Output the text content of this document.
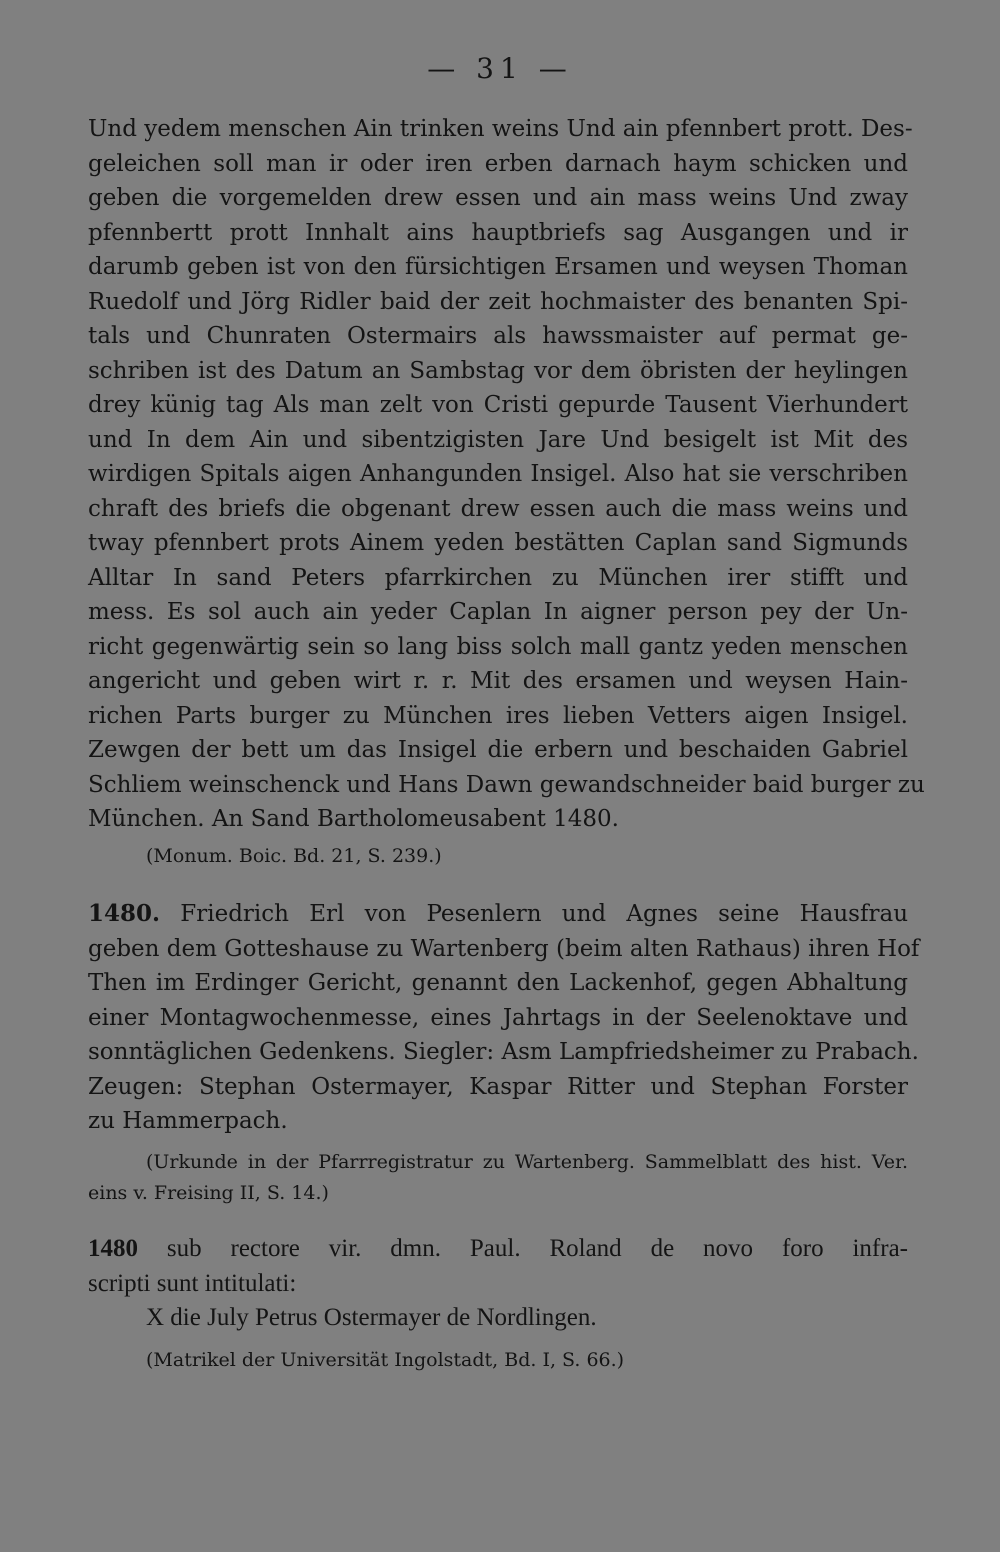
— 31 —
Und yedem menschen Ain trinken weins Und ain pfennbert prott. Des-
geleichen soll man ir oder iren erben darnach haym schicken und
geben die vorgemelden drew essen und ain mass weins Und zway
pfennbertt prott Innhalt ains hauptbriefs sag Ausgangen und ir
darumb geben ist von den fürsichtigen Ersamen und weysen Thoman
Ruedolf und Jörg Ridler baid der zeit hochmaister des benanten Spi-
tals und Chunraten Ostermairs als hawssmaister auf permat ge-
schriben ist des Datum an Sambstag vor dem öbristen der heylingen
drey künig tag Als man zelt von Cristi gepurde Tausent Vierhundert
und In dem Ain und sibentzigisten Jare Und besigelt ist Mit des
wirdigen Spitals aigen Anhangunden Insigel. Also hat sie verschriben
chraft des briefs die obgenant drew essen auch die mass weins und
tway pfennbert prots Ainem yeden bestätten Caplan sand Sigmunds
Alltar In sand Peters pfarrkirchen zu München irer stifft und
mess. Es sol auch ain yeder Caplan In aigner person pey der Un-
richt gegenwärtig sein so lang biss solch mall gantz yeden menschen
angericht und geben wirt r. r. Mit des ersamen und weysen Hain-
richen Parts burger zu München ires lieben Vetters aigen Insigel.
Zewgen der bett um das Insigel die erbern und beschaiden Gabriel
Schliem weinschenck und Hans Dawn gewandschneider baid burger zu
München. An Sand Bartholomeusabent 1480.
(Monum. Boic. Bd. 21, S. 239.)
1480. Friedrich Erl von Pesenlern und Agnes seine Hausfrau
geben dem Gotteshause zu Wartenberg (beim alten Rathaus) ihren Hof
Then im Erdinger Gericht, genannt den Lackenhof, gegen Abhaltung
einer Montagwochenmesse, eines Jahrtags in der Seelenoktave und
sonntäglichen Gedenkens. Siegler: Asm Lampfriedsheimer zu Prabach.
Zeugen: Stephan Ostermayer, Kaspar Ritter und Stephan Forster
zu Hammerpach.
(Urkunde in der Pfarrregistratur zu Wartenberg. Sammelblatt des hist. Ver.
eins v. Freising II, S. 14.)
1480 sub rectore vir. dmn. Paul. Roland de novo foro infra-
scripti sunt intitulati:
X die July Petrus Ostermayer de Nordlingen.
(Matrikel der Universität Ingolstadt, Bd. I, S. 66.)
